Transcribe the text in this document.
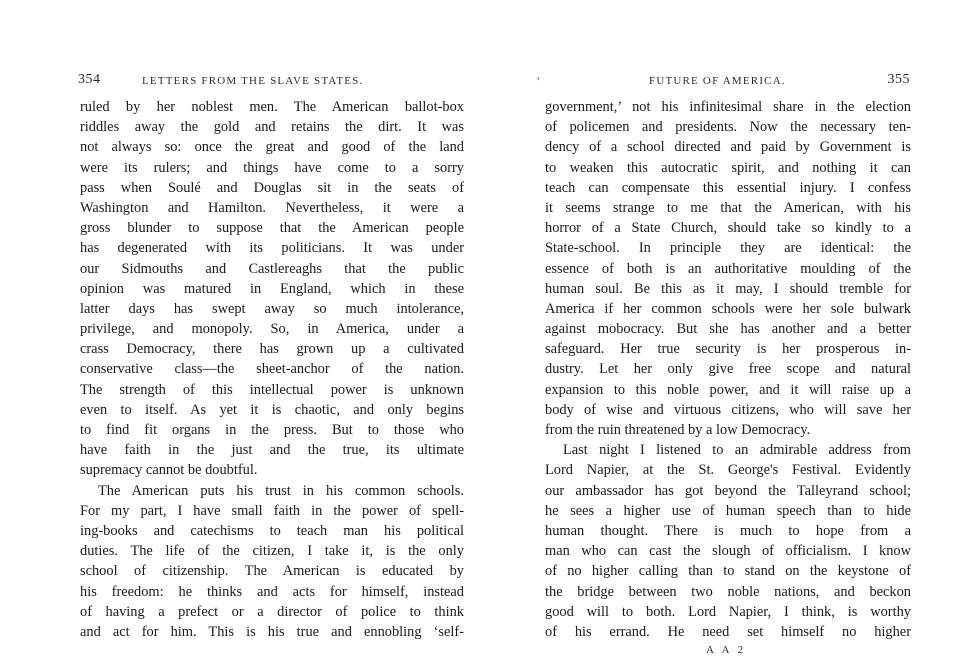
354	LETTERS FROM THE SLAVE STATES.
ruled by her noblest men. The American ballot-box
riddles away the gold and retains the dirt. It was
not always so: once the great and good of the land
were its rulers; and things have come to a sorry
pass when Soulé and Douglas sit in the seats of
Washington and Hamilton. Nevertheless, it were a
gross blunder to suppose that the American people
has degenerated with its politicians. It was under
our Sidmouths and Castlereaghs that the public
opinion was matured in England, which in these
latter days has swept away so much intolerance,
privilege, and monopoly. So, in America, under a
crass Democracy, there has grown up a cultivated
conservative class—the sheet-anchor of the nation.
The strength of this intellectual power is unknown
even to itself. As yet it is chaotic, and only begins
to find fit organs in the press. But to those who
have faith in the just and the true, its ultimate
supremacy cannot be doubtful.
The American puts his trust in his common schools.
For my part, I have small faith in the power of spell-
ing-books and catechisms to teach man his political
duties. The life of the citizen, I take it, is the only
school of citizenship. The American is educated by
his freedom: he thinks and acts for himself, instead
of having a prefect or a director of police to think
and act for him. This is his true and ennobling ‘self-
FUTURE OF AMERICA.	355
government,’ not his infinitesimal share in the election
of policemen and presidents. Now the necessary ten-
dency of a school directed and paid by Government is
to weaken this autocratic spirit, and nothing it can
teach can compensate this essential injury. I confess
it seems strange to me that the American, with his
horror of a State Church, should take so kindly to a
State-school. In principle they are identical: the
essence of both is an authoritative moulding of the
human soul. Be this as it may, I should tremble for
America if her common schools were her sole bulwark
against mobocracy. But she has another and a better
safeguard. Her true security is her prosperous in-
dustry. Let her only give free scope and natural
expansion to this noble power, and it will raise up a
body of wise and virtuous citizens, who will save her
from the ruin threatened by a low Democracy.
Last night I listened to an admirable address from
Lord Napier, at the St. George's Festival. Evidently
our ambassador has got beyond the Talleyrand school;
he sees a higher use of human speech than to hide
human thought. There is much to hope from a
man who can cast the slough of officialism. I know
of no higher calling than to stand on the keystone of
the bridge between two noble nations, and beckon
good will to both. Lord Napier, I think, is worthy
of his errand. He need set himself no higher
′
A A 2
